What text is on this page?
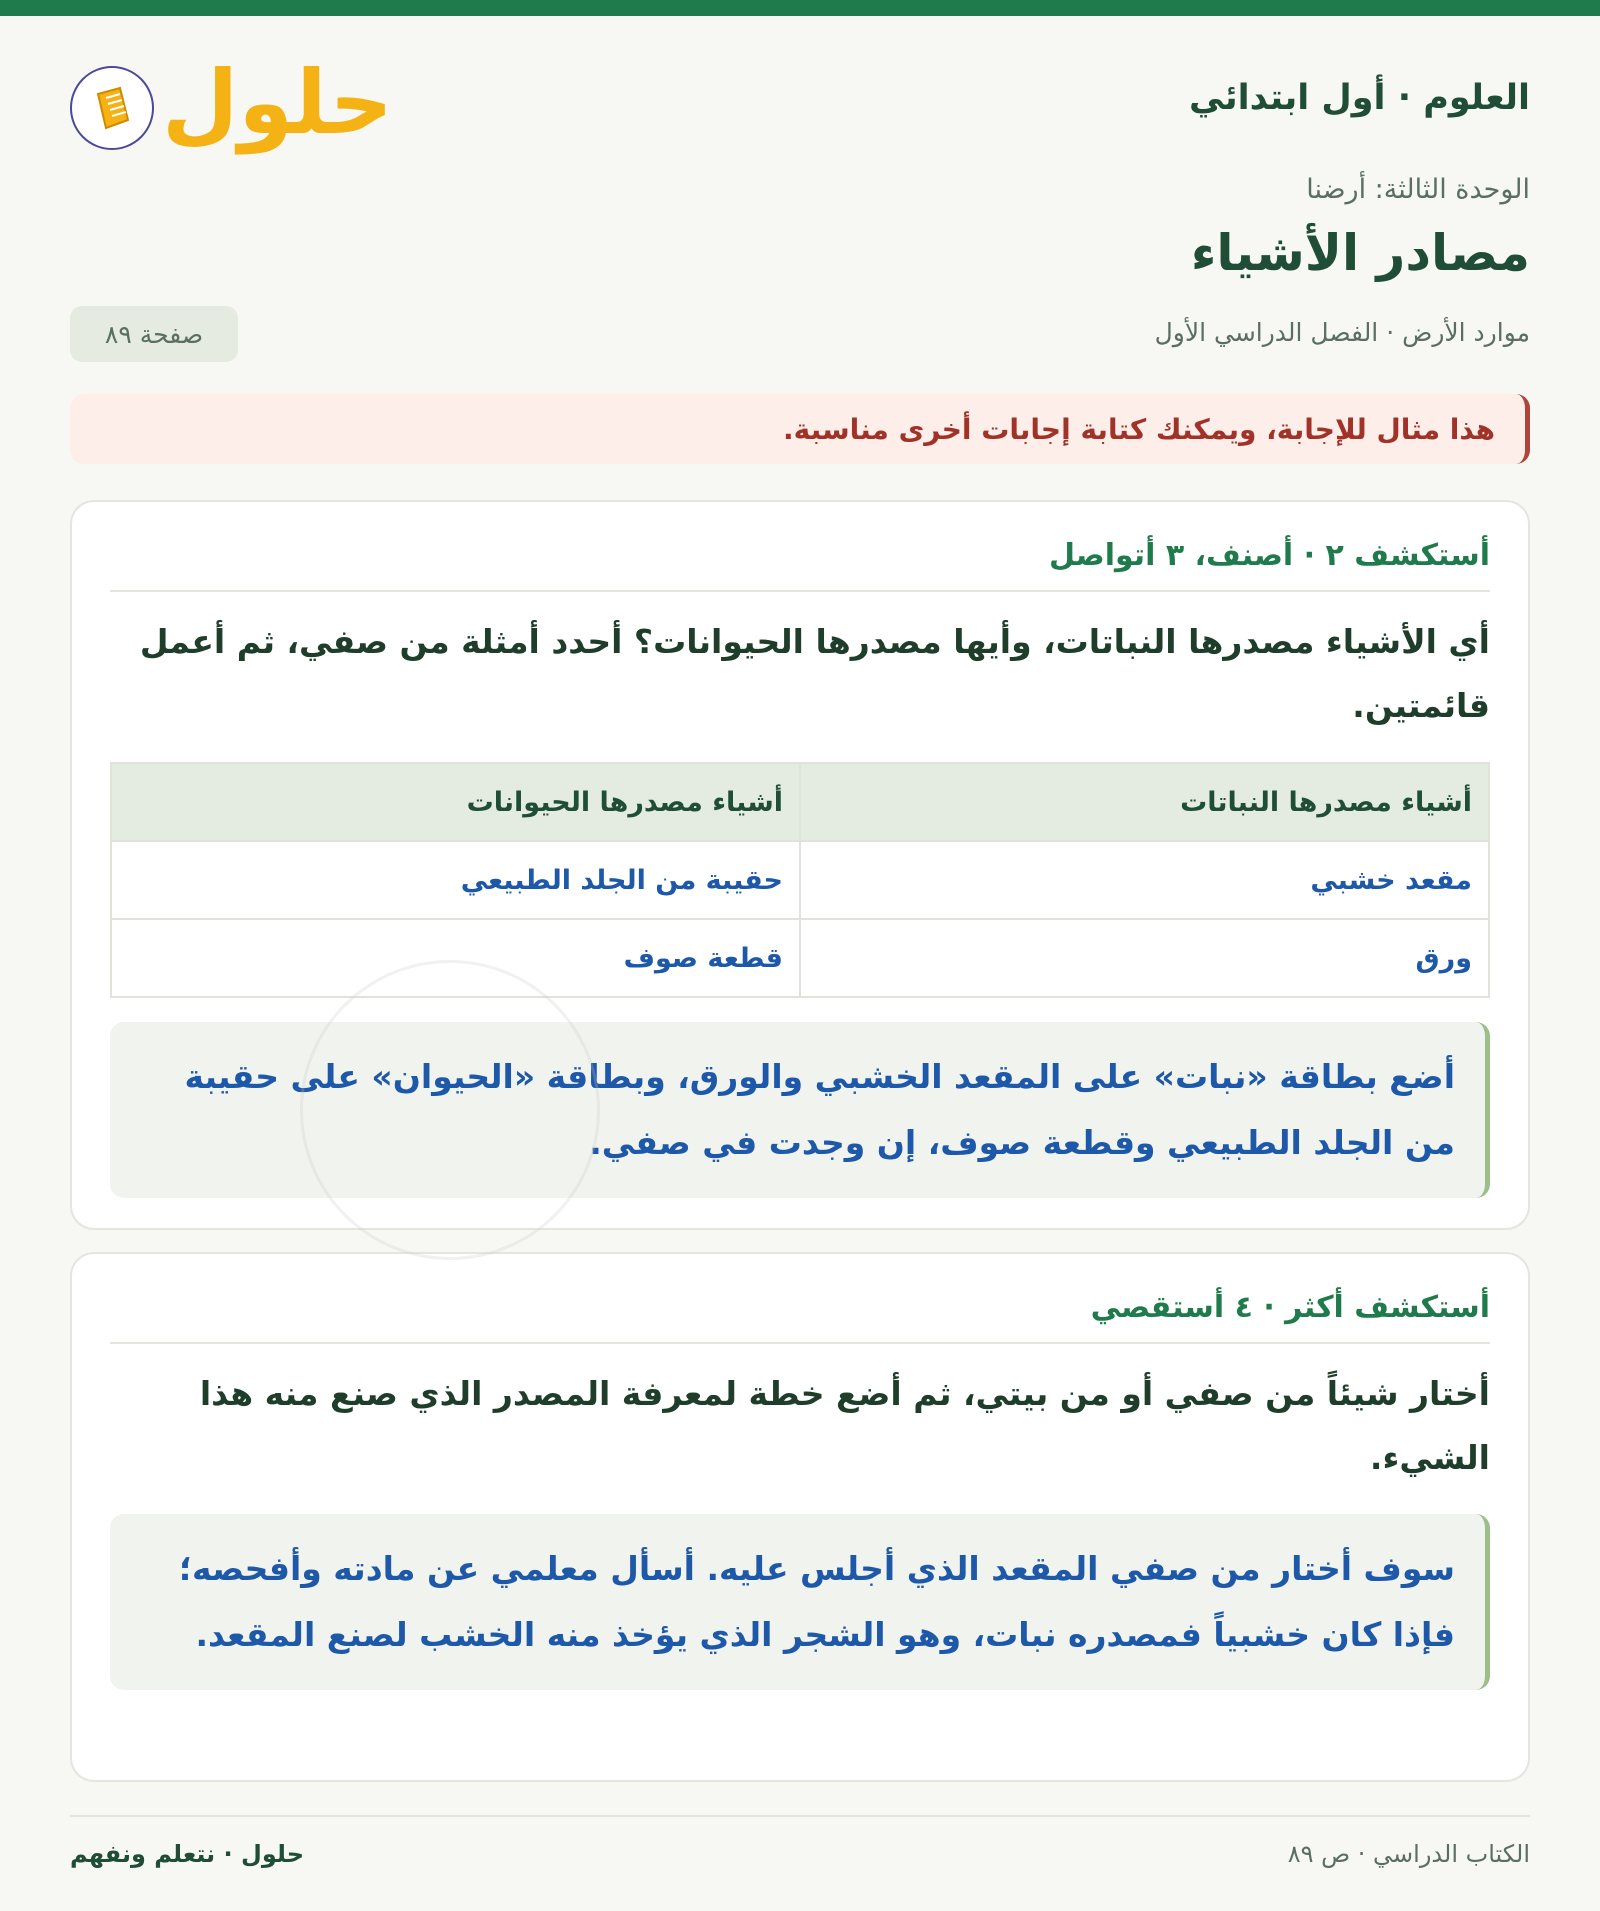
العلوم · أول ابتدائي
حلول
الوحدة الثالثة: أرضنا
مصادر الأشياء
موارد الأرض · الفصل الدراسي الأول
صفحة ٨٩
هذا مثال للإجابة، ويمكنك كتابة إجابات أخرى مناسبة.
أستكشف ٢ · أصنف، ٣ أتواصل
أي الأشياء مصدرها النباتات، وأيها مصدرها الحيوانات؟ أحدد أمثلة من صفي، ثم أعمل قائمتين.
أشياء مصدرها النباتات	أشياء مصدرها الحيوانات
مقعد خشبي	حقيبة من الجلد الطبيعي
ورق	قطعة صوف
أضع بطاقة «نبات» على المقعد الخشبي والورق، وبطاقة «الحيوان» على حقيبة من الجلد الطبيعي وقطعة صوف، إن وجدت في صفي.
أستكشف أكثر · ٤ أستقصي
أختار شيئاً من صفي أو من بيتي، ثم أضع خطة لمعرفة المصدر الذي صنع منه هذا الشيء.
سوف أختار من صفي المقعد الذي أجلس عليه. أسأل معلمي عن مادته وأفحصه؛ فإذا كان خشبياً فمصدره نبات، وهو الشجر الذي يؤخذ منه الخشب لصنع المقعد.
الكتاب الدراسي · ص ٨٩
حلول · نتعلم ونفهم
